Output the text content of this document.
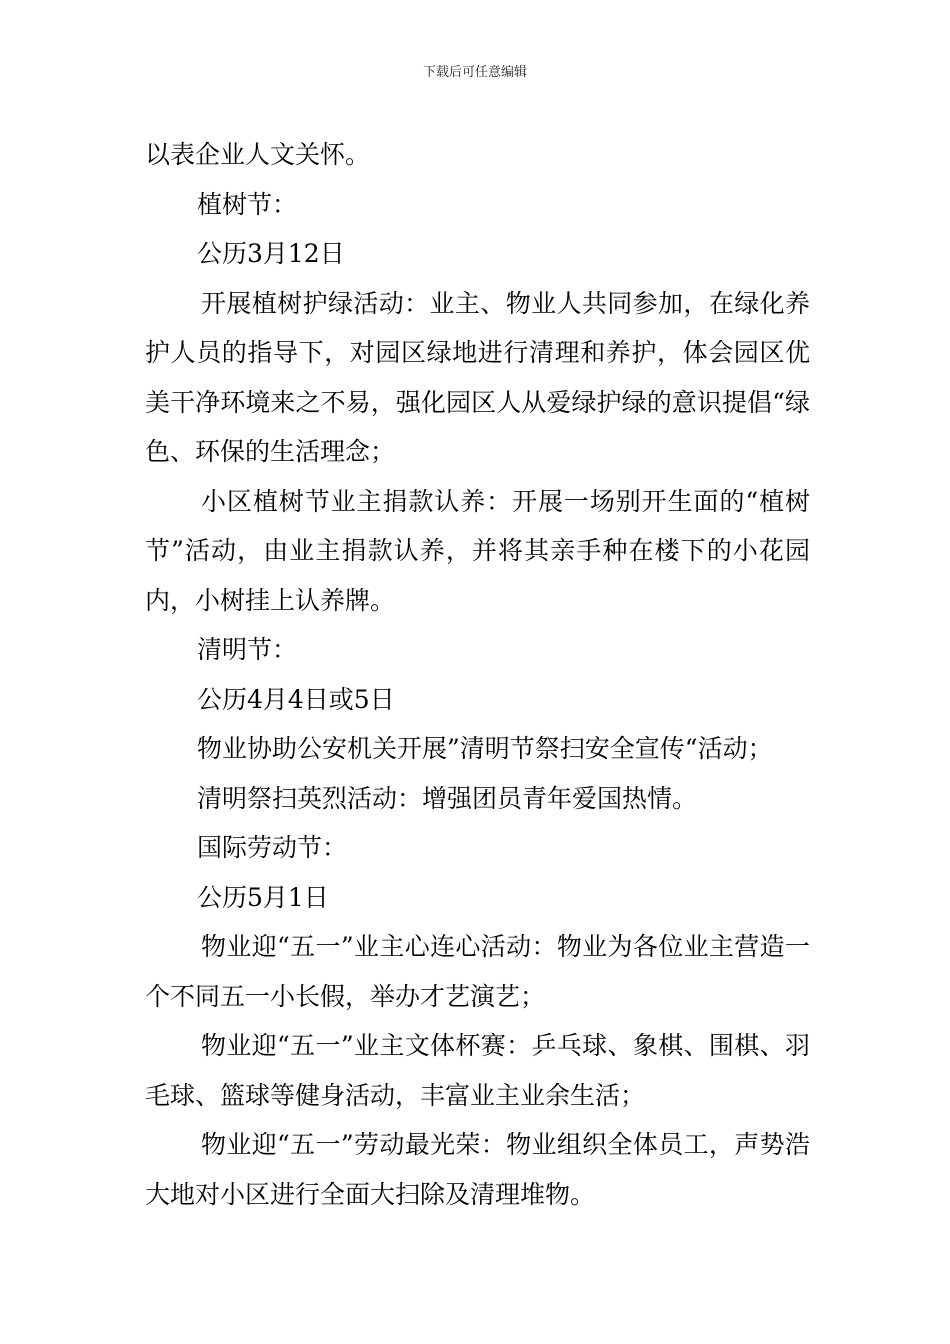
下载后可任意编辑

以表企业人文关怀。

植树节：

公历3月12日

开展植树护绿活动：业主、物业人共同参加，在绿化养护人员的指导下，对园区绿地进行清理和养护，体会园区优美干净环境来之不易，强化园区人从爱绿护绿的意识提倡“绿色、环保的生活理念；

小区植树节业主捐款认养：开展一场别开生面的“植树节”活动，由业主捐款认养，并将其亲手种在楼下的小花园内，小树挂上认养牌。

清明节：

公历4月4日或5日

物业协助公安机关开展”清明节祭扫安全宣传“活动；

清明祭扫英烈活动：增强团员青年爱国热情。

国际劳动节：

公历5月1日

物业迎“五一”业主心连心活动：物业为各位业主营造一个不同五一小长假，举办才艺演艺；

物业迎“五一”业主文体杯赛：乒乓球、象棋、围棋、羽毛球、篮球等健身活动，丰富业主业余生活；

物业迎“五一”劳动最光荣：物业组织全体员工，声势浩大地对小区进行全面大扫除及清理堆物。
